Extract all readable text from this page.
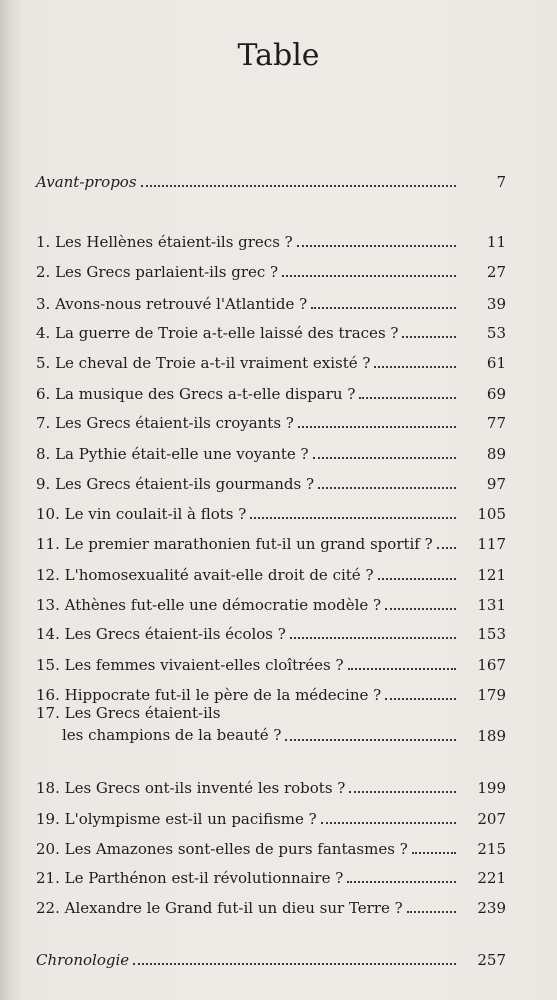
Table
Avant-propos	7
1. Les Hellènes étaient-ils grecs ?	11
2. Les Grecs parlaient-ils grec ?	27
3. Avons-nous retrouvé l'Atlantide ?	39
4. La guerre de Troie a-t-elle laissé des traces ?	53
5. Le cheval de Troie a-t-il vraiment existé ?	61
6. La musique des Grecs a-t-elle disparu ?	69
7. Les Grecs étaient-ils croyants ?	77
8. La Pythie était-elle une voyante ?	89
9. Les Grecs étaient-ils gourmands ?	97
10. Le vin coulait-il à flots ?	105
11. Le premier marathonien fut-il un grand sportif ?	117
12. L'homosexualité avait-elle droit de cité ?	121
13. Athènes fut-elle une démocratie modèle ?	131
14. Les Grecs étaient-ils écolos ?	153
15. Les femmes vivaient-elles cloîtrées ?	167
16. Hippocrate fut-il le père de la médecine ?	179
17. Les Grecs étaient-ils
les champions de la beauté ?	189
18. Les Grecs ont-ils inventé les robots ?	199
19. L'olympisme est-il un pacifisme ?	207
20. Les Amazones sont-elles de purs fantasmes ?	215
21. Le Parthénon est-il révolutionnaire ?	221
22. Alexandre le Grand fut-il un dieu sur Terre ?	239
Chronologie	257
